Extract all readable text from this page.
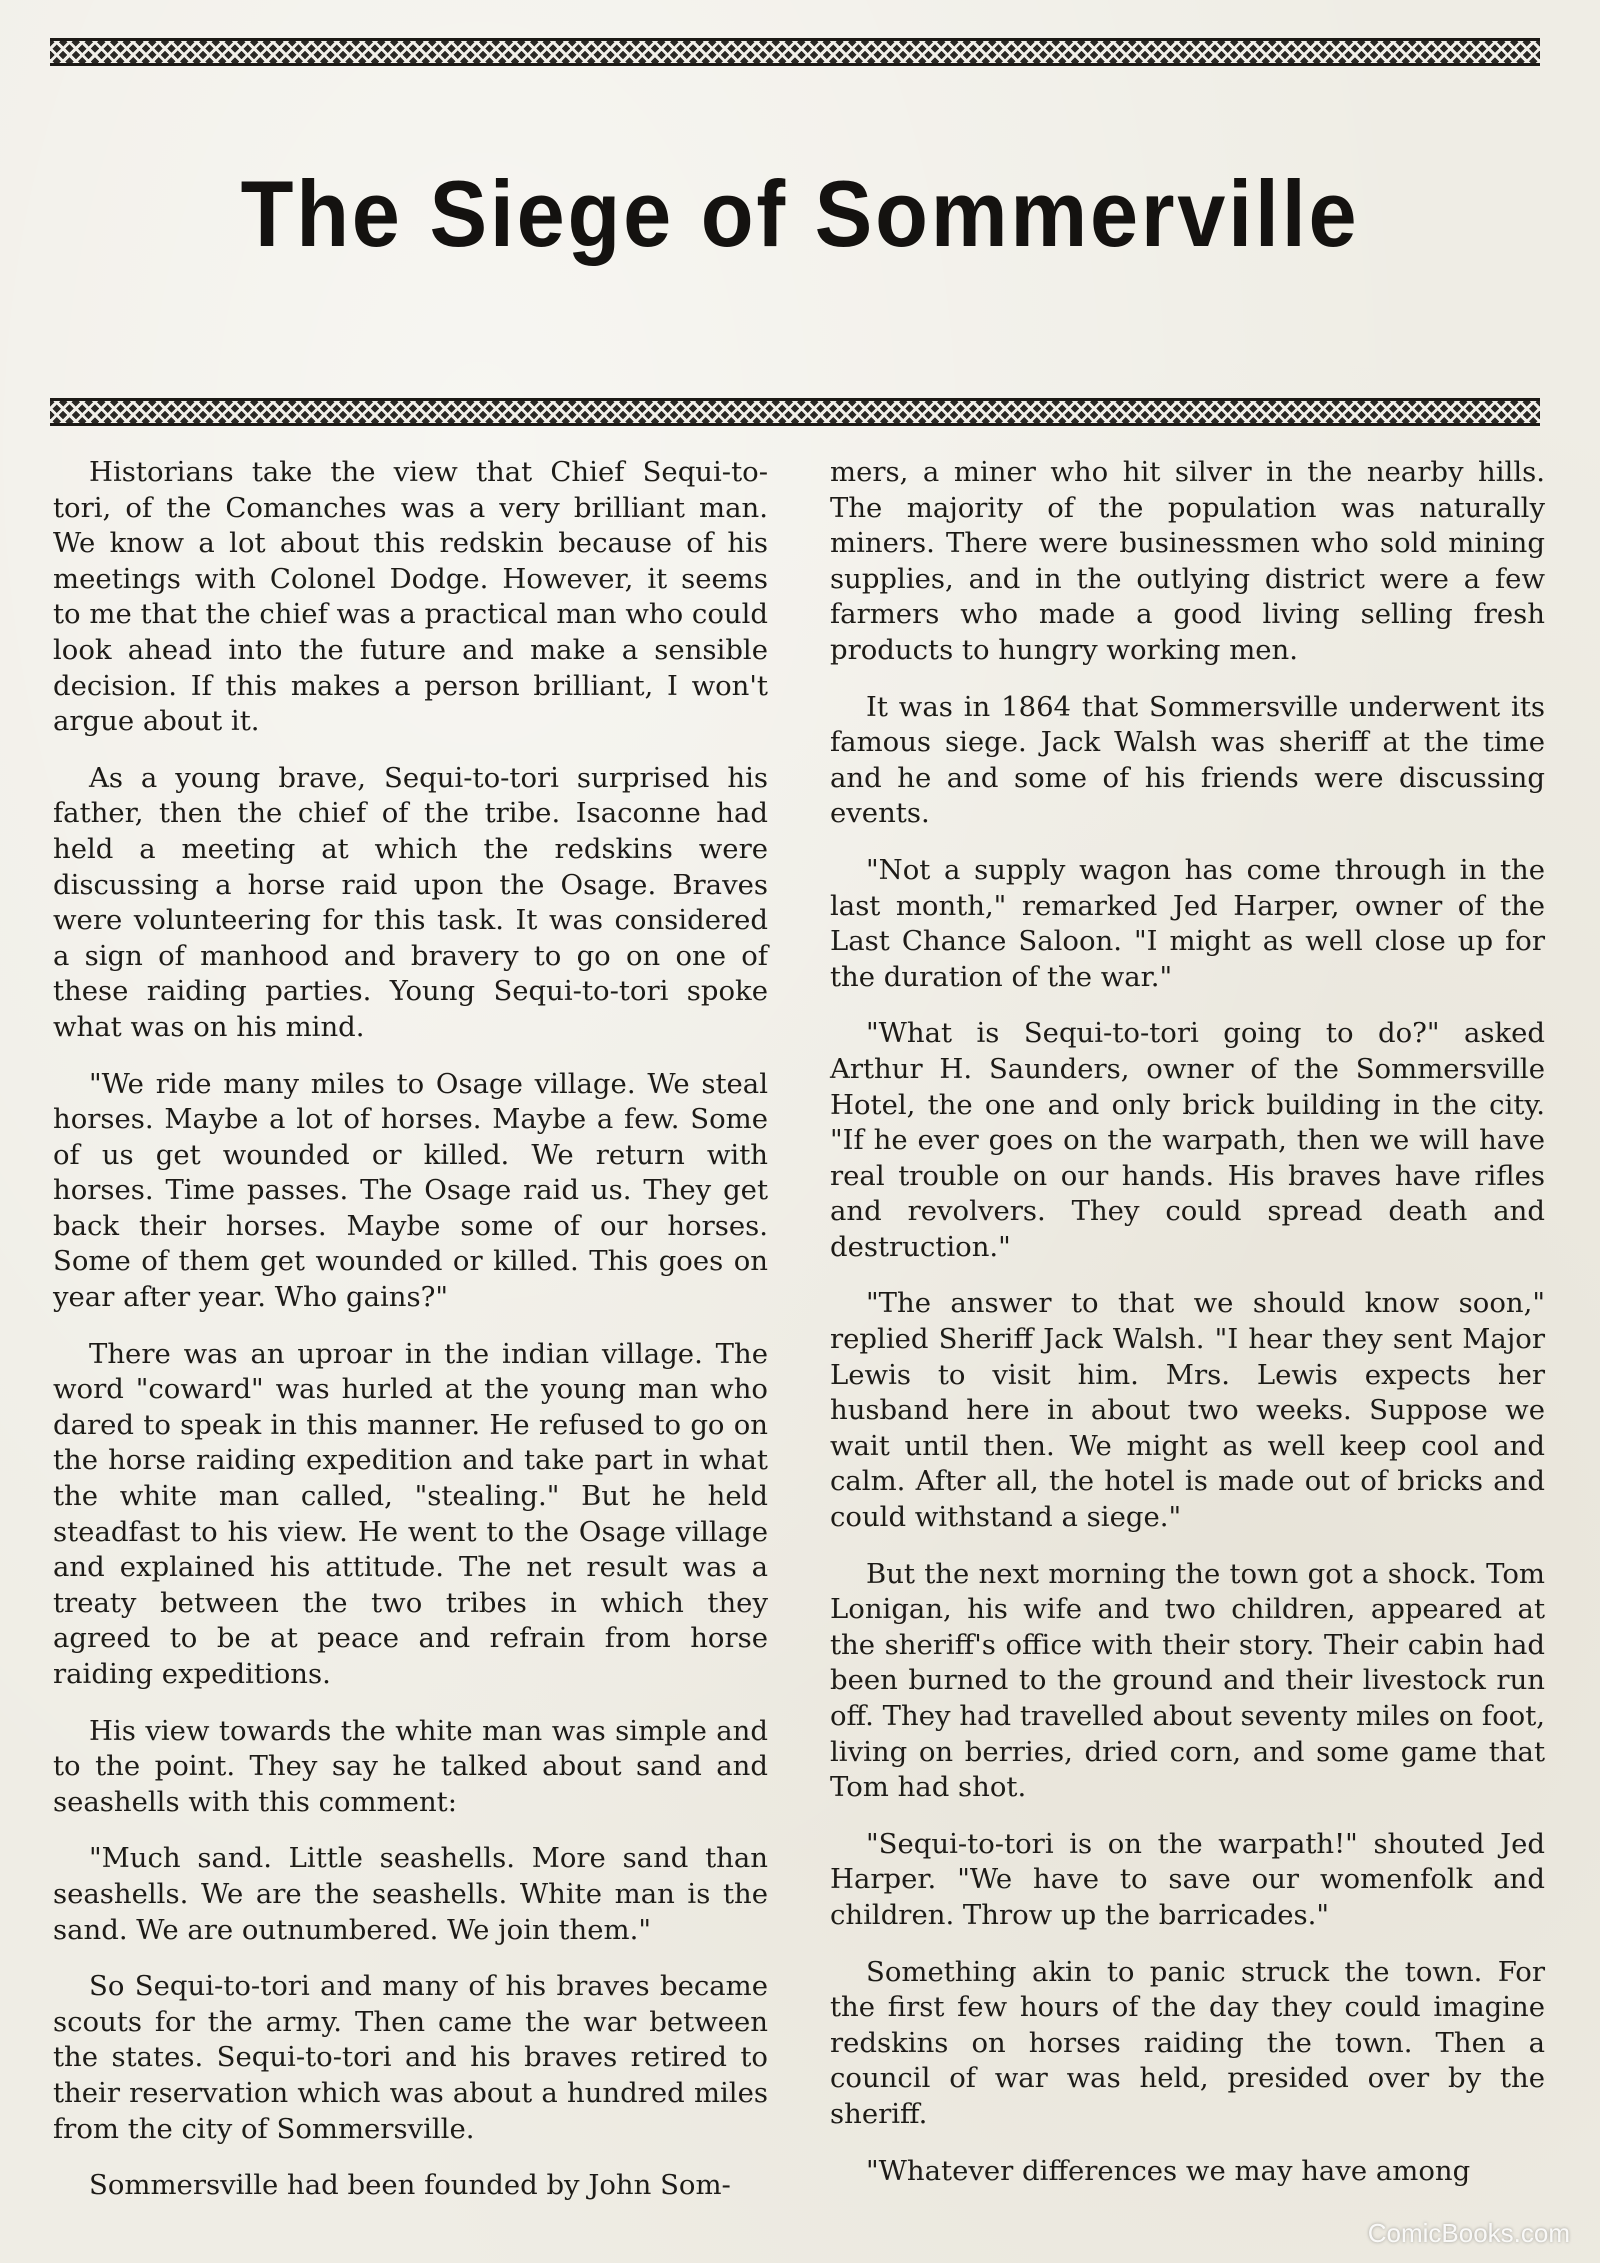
The Siege of Sommerville

Historians take the view that Chief Sequi-to-tori, of the Comanches was a very brilliant man. We know a lot about this redskin because of his meetings with Colonel Dodge. However, it seems to me that the chief was a practical man who could look ahead into the future and make a sensible decision. If this makes a person brilliant, I won't argue about it.

As a young brave, Sequi-to-tori surprised his father, then the chief of the tribe. Isaconne had held a meeting at which the redskins were discussing a horse raid upon the Osage. Braves were volunteering for this task. It was considered a sign of manhood and bravery to go on one of these raiding parties. Young Sequi-to-tori spoke what was on his mind.

"We ride many miles to Osage village. We steal horses. Maybe a lot of horses. Maybe a few. Some of us get wounded or killed. We return with horses. Time passes. The Osage raid us. They get back their horses. Maybe some of our horses. Some of them get wounded or killed. This goes on year after year. Who gains?"

There was an uproar in the indian village. The word "coward" was hurled at the young man who dared to speak in this manner. He refused to go on the horse raiding expedition and take part in what the white man called, "stealing." But he held steadfast to his view. He went to the Osage village and explained his attitude. The net result was a treaty between the two tribes in which they agreed to be at peace and refrain from horse raiding expeditions.

His view towards the white man was simple and to the point. They say he talked about sand and seashells with this comment:

"Much sand. Little seashells. More sand than seashells. We are the seashells. White man is the sand. We are outnumbered. We join them."

So Sequi-to-tori and many of his braves became scouts for the army. Then came the war between the states. Sequi-to-tori and his braves retired to their reservation which was about a hundred miles from the city of Sommersville.

Sommersville had been founded by John Som-

mers, a miner who hit silver in the nearby hills. The majority of the population was naturally miners. There were businessmen who sold mining supplies, and in the outlying district were a few farmers who made a good living selling fresh products to hungry working men.

It was in 1864 that Sommersville underwent its famous siege. Jack Walsh was sheriff at the time and he and some of his friends were discussing events.

"Not a supply wagon has come through in the last month," remarked Jed Harper, owner of the Last Chance Saloon. "I might as well close up for the duration of the war."

"What is Sequi-to-tori going to do?" asked Arthur H. Saunders, owner of the Sommersville Hotel, the one and only brick building in the city. "If he ever goes on the warpath, then we will have real trouble on our hands. His braves have rifles and revolvers. They could spread death and destruction."

"The answer to that we should know soon," replied Sheriff Jack Walsh. "I hear they sent Major Lewis to visit him. Mrs. Lewis expects her husband here in about two weeks. Suppose we wait until then. We might as well keep cool and calm. After all, the hotel is made out of bricks and could withstand a siege."

But the next morning the town got a shock. Tom Lonigan, his wife and two children, appeared at the sheriff's office with their story. Their cabin had been burned to the ground and their livestock run off. They had travelled about seventy miles on foot, living on berries, dried corn, and some game that Tom had shot.

"Sequi-to-tori is on the warpath!" shouted Jed Harper. "We have to save our womenfolk and children. Throw up the barricades."

Something akin to panic struck the town. For the first few hours of the day they could imagine redskins on horses raiding the town. Then a council of war was held, presided over by the sheriff.

"Whatever differences we may have among

ComicBooks.com
